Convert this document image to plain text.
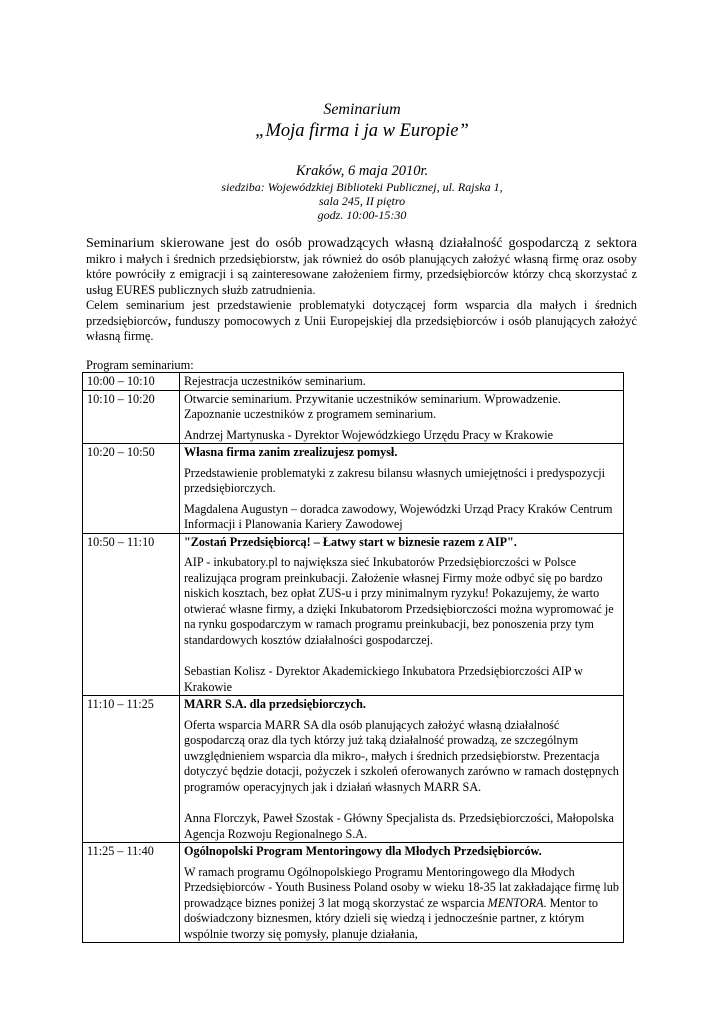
Seminarium
„Moja firma i ja w Europie”
Kraków, 6 maja 2010r.
siedziba: Wojewódzkiej Biblioteki Publicznej, ul. Rajska 1,
sala 245, II piętro
godz. 10:00-15:30

Seminarium skierowane jest do osób prowadzących własną działalność gospodarczą z sektora mikro i małych i średnich przedsiębiorstw, jak również do osób planujących założyć własną firmę oraz osoby które powróciły z emigracji i są zainteresowane założeniem firmy, przedsiębiorców którzy chcą skorzystać z usług EURES publicznych służb zatrudnienia.

Celem seminarium jest przedstawienie problematyki dotyczącej form wsparcia dla małych i średnich przedsiębiorców, funduszy pomocowych z Unii Europejskiej dla przedsiębiorców i osób planujących założyć własną firmę.

Program seminarium:
10:00 – 10:10	Rejestracja uczestników seminarium.

10:10 – 10:20	Otwarcie seminarium. Przywitanie uczestników seminarium. Wprowadzenie. Zapoznanie uczestników z programem seminarium.
Andrzej Martynuska - Dyrektor Wojewódzkiego Urzędu Pracy w Krakowie

10:20 – 10:50	Własna firma zanim zrealizujesz pomysł.
Przedstawienie problematyki z zakresu bilansu własnych umiejętności i predyspozycji przedsiębiorczych.
Magdalena Augustyn – doradca zawodowy, Wojewódzki Urząd Pracy Kraków Centrum Informacji i Planowania Kariery Zawodowej

10:50 – 11:10	"Zostań Przedsiębiorcą! – Łatwy start w biznesie razem z AIP".
AIP - inkubatory.pl to największa sieć Inkubatorów Przedsiębiorczości w Polsce realizująca program preinkubacji. Założenie własnej Firmy może odbyć się po bardzo niskich kosztach, bez opłat ZUS-u i przy minimalnym ryzyku! Pokazujemy, że warto otwierać własne firmy, a dzięki Inkubatorom Przedsiębiorczości można wypromować je na rynku gospodarczym w ramach programu preinkubacji, bez ponoszenia przy tym standardowych kosztów działalności gospodarczej.
Sebastian Kolisz - Dyrektor Akademickiego Inkubatora Przedsiębiorczości AIP w Krakowie

11:10 – 11:25	MARR S.A. dla przedsiębiorczych.
Oferta wsparcia MARR SA dla osób planujących założyć własną działalność gospodarczą oraz dla tych którzy już taką działalność prowadzą, ze szczególnym uwzględnieniem wsparcia dla mikro-, małych i średnich przedsiębiorstw. Prezentacja dotyczyć będzie dotacji, pożyczek i szkoleń oferowanych zarówno w ramach dostępnych programów operacyjnych jak i działań własnych MARR SA.
Anna Florczyk, Paweł Szostak - Główny Specjalista ds. Przedsiębiorczości, Małopolska Agencja Rozwoju Regionalnego S.A.

11:25 – 11:40	Ogólnopolski Program Mentoringowy dla Młodych Przedsiębiorców.
W ramach programu Ogólnopolskiego Programu Mentoringowego dla Młodych Przedsiębiorców - Youth Business Poland osoby w wieku 18-35 lat zakładające firmę lub prowadzące biznes poniżej 3 lat mogą skorzystać ze wsparcia MENTORA. Mentor to doświadczony biznesmen, który dzieli się wiedzą i jednocześnie partner, z którym wspólnie tworzy się pomysły, planuje działania,
